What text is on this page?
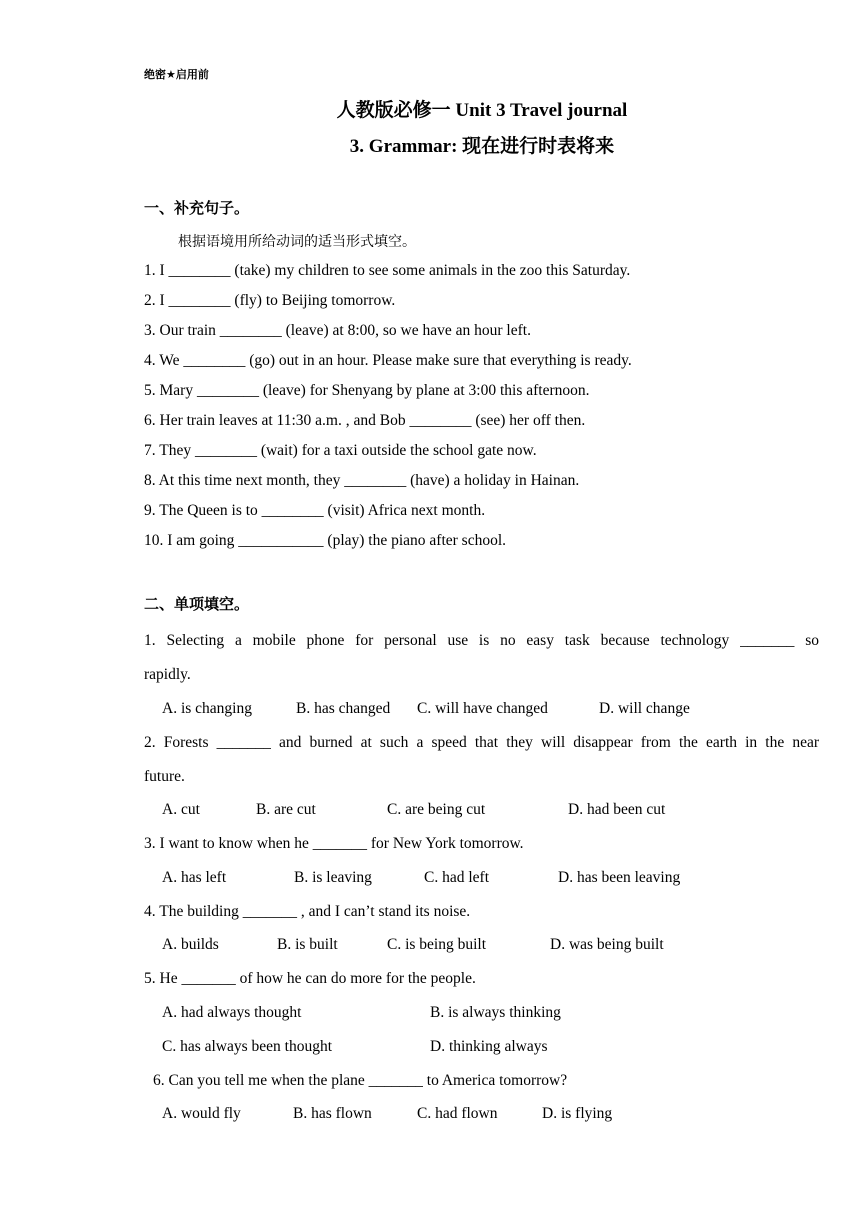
绝密★启用前
人教版必修一 Unit 3 Travel journal
3. Grammar: 现在进行时表将来
一、补充句子。
根据语境用所给动词的适当形式填空。
1. I ________ (take) my children to see some animals in the zoo this Saturday.
2. I ________ (fly) to Beijing tomorrow.
3. Our train ________ (leave) at 8:00, so we have an hour left.
4. We ________ (go) out in an hour. Please make sure that everything is ready.
5. Mary ________ (leave) for Shenyang by plane at 3:00 this afternoon.
6. Her train leaves at 11:30 a.m. , and Bob ________ (see) her off then.
7. They ________ (wait) for a taxi outside the school gate now.
8. At this time next month, they ________ (have) a holiday in Hainan.
9. The Queen is to ________ (visit) Africa next month.
10. I am going ___________ (play) the piano after school.
二、单项填空。
1. Selecting a mobile phone for personal use is no easy task because technology _______ so
rapidly.
A. is changing	B. has changed C. will have changed	D. will change
2. Forests _______ and burned at such a speed that they will disappear from the earth in the near
future.
A. cut	B. are cut	C. are being cut	D. had been cut
3. I want to know when he _______ for New York tomorrow.
A. has left	B. is leaving	C. had left	D. has been leaving
4. The building _______ , and I can’t stand its noise.
A. builds	B. is built	C. is being built	D. was being built
5. He _______ of how he can do more for the people.
A. had always thought	B. is always thinking
C. has always been thought	D. thinking always
6. Can you tell me when the plane _______ to America tomorrow?
A. would fly	B. has flown	C. had flown	D. is flying
